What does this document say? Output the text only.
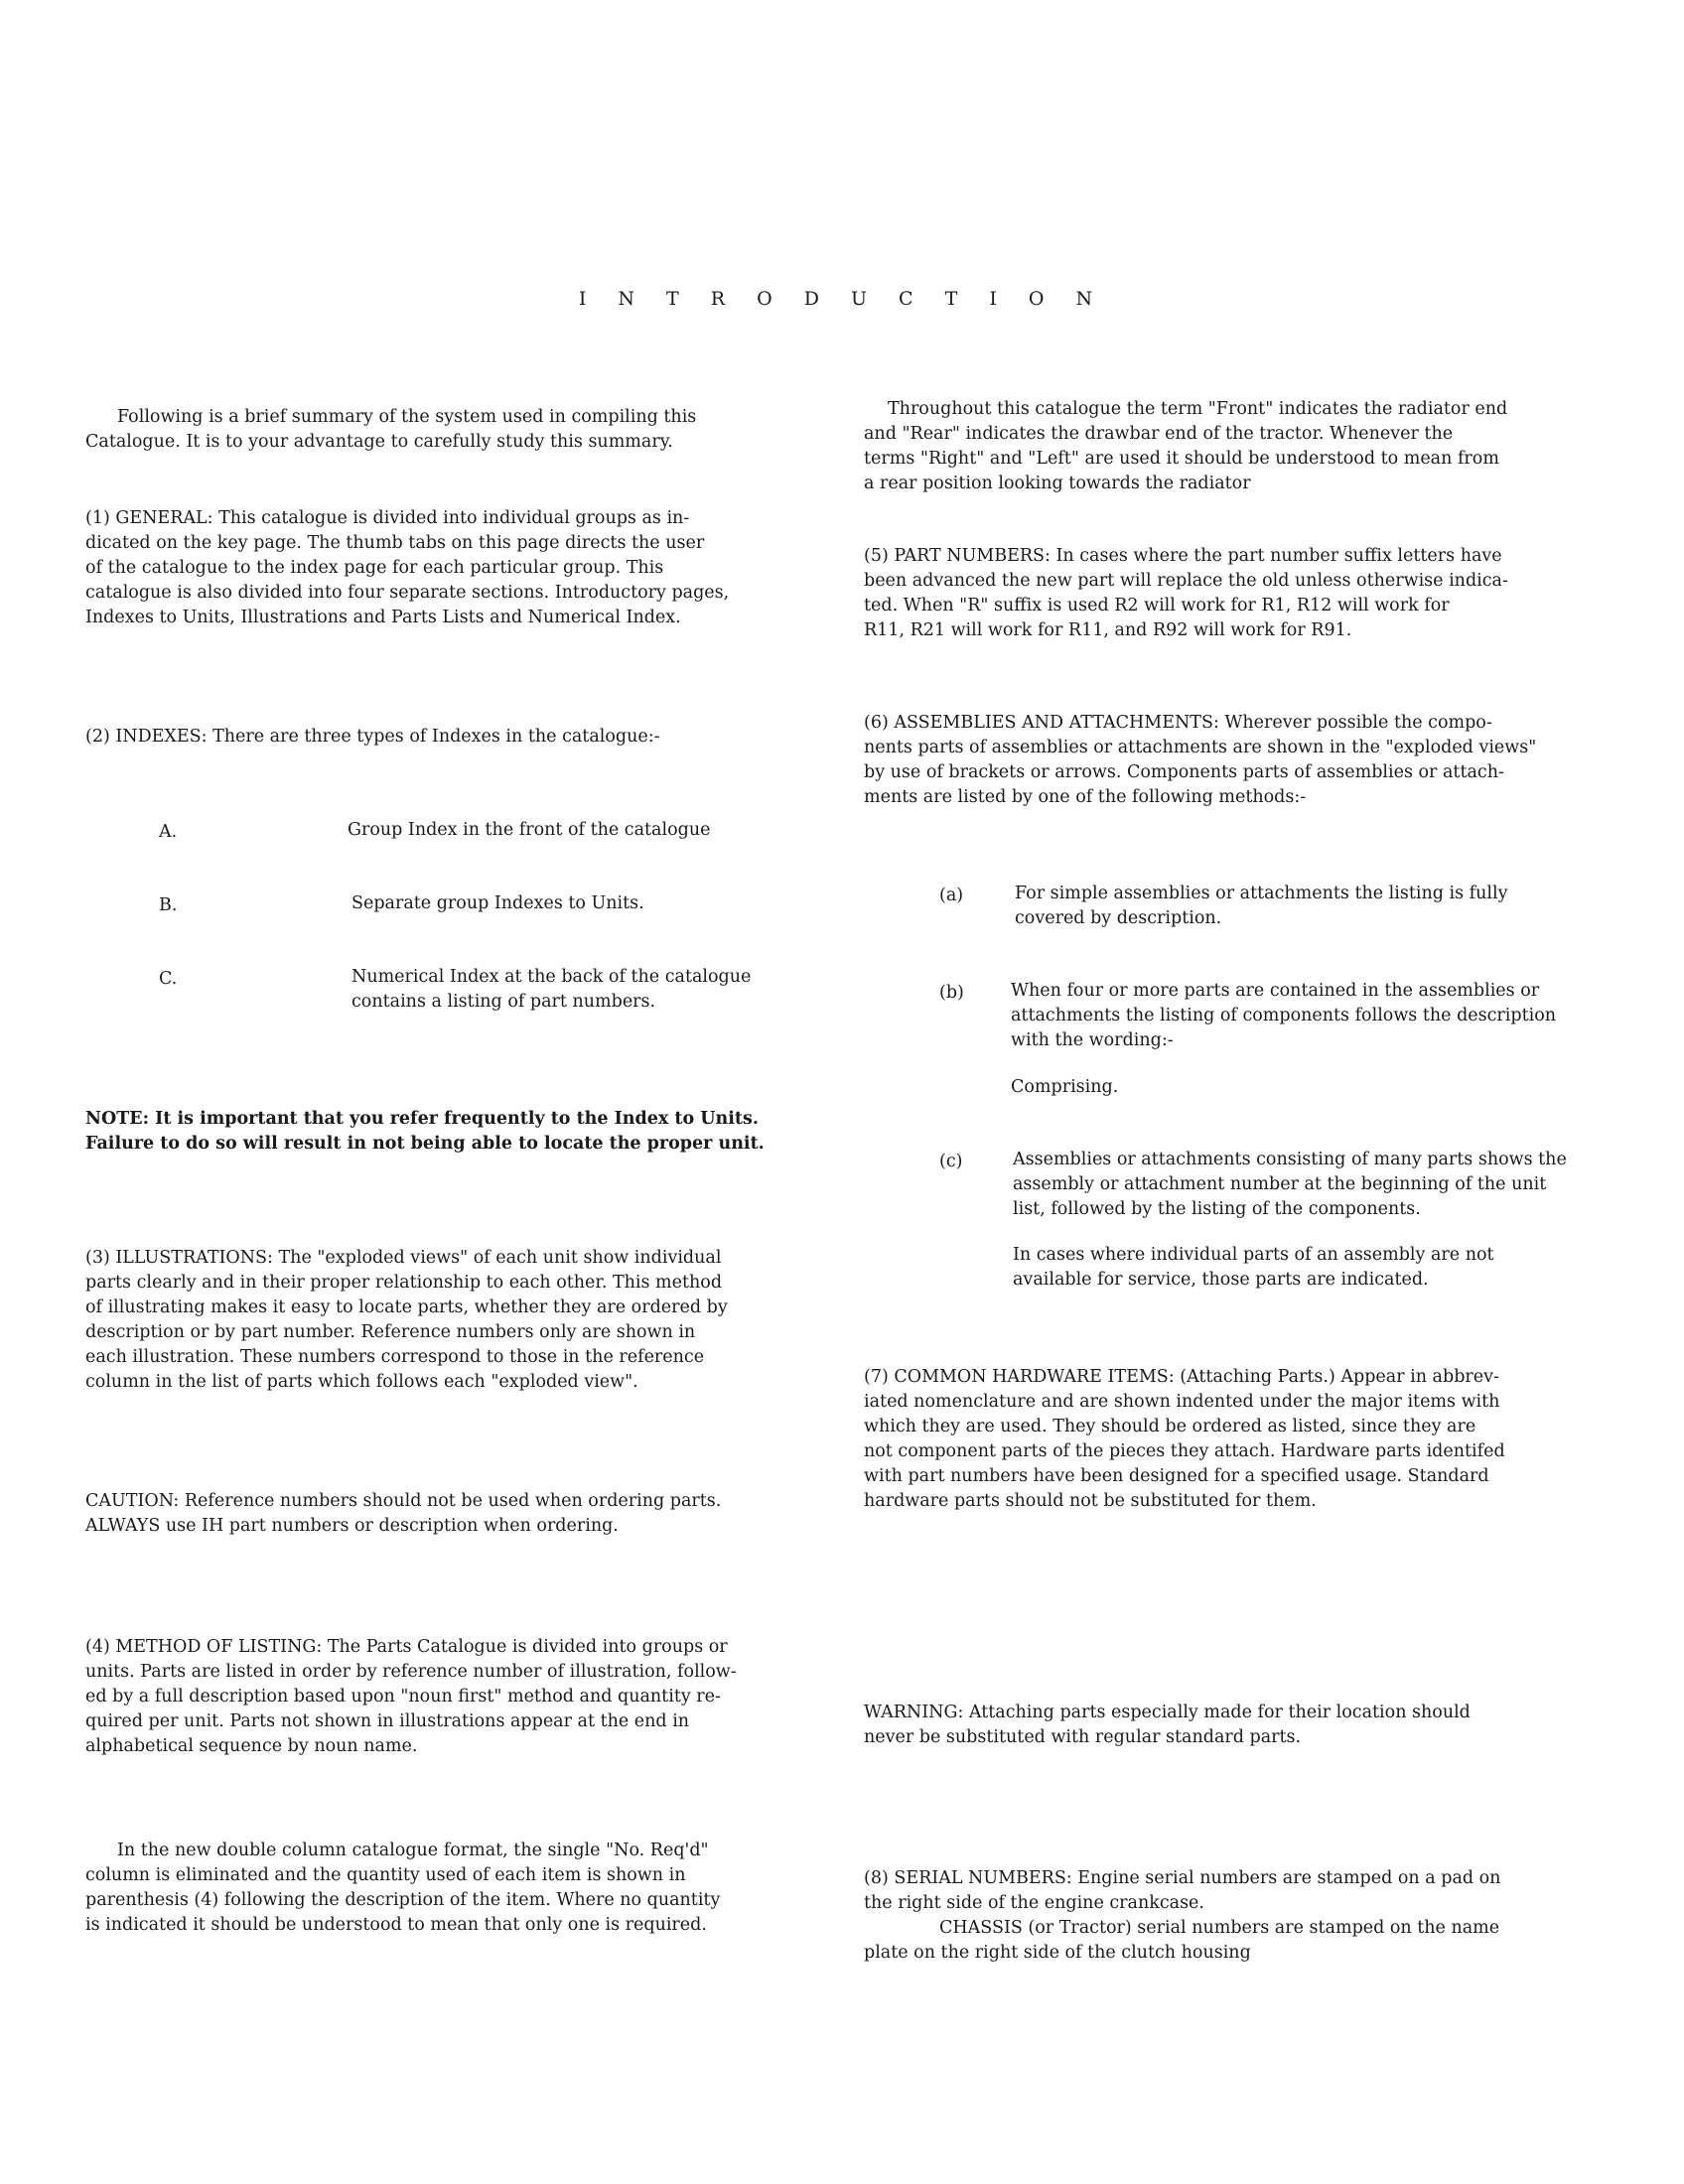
I N T R O D U C T I O N

Following is a brief summary of the system used in compiling this
Catalogue. It is to your advantage to carefully study this summary.

(1) GENERAL: This catalogue is divided into individual groups as in-
dicated on the key page. The thumb tabs on this page directs the user
of the catalogue to the index page for each particular group. This
catalogue is also divided into four separate sections. Introductory pages,
Indexes to Units, Illustrations and Parts Lists and Numerical Index.

(2) INDEXES: There are three types of Indexes in the catalogue:-

A.	Group Index in the front of the catalogue

B.	Separate group Indexes to Units.

C.	Numerical Index at the back of the catalogue
contains a listing of part numbers.

NOTE: It is important that you refer frequently to the Index to Units.
Failure to do so will result in not being able to locate the proper unit.

(3) ILLUSTRATIONS: The "exploded views" of each unit show individual
parts clearly and in their proper relationship to each other. This method
of illustrating makes it easy to locate parts, whether they are ordered by
description or by part number. Reference numbers only are shown in
each illustration. These numbers correspond to those in the reference
column in the list of parts which follows each "exploded view".

CAUTION: Reference numbers should not be used when ordering parts.
ALWAYS use IH part numbers or description when ordering.

(4) METHOD OF LISTING: The Parts Catalogue is divided into groups or
units. Parts are listed in order by reference number of illustration, follow-
ed by a full description based upon "noun first" method and quantity re-
quired per unit. Parts not shown in illustrations appear at the end in
alphabetical sequence by noun name.

In the new double column catalogue format, the single "No. Req'd"
column is eliminated and the quantity used of each item is shown in
parenthesis (4) following the description of the item. Where no quantity
is indicated it should be understood to mean that only one is required.

Throughout this catalogue the term "Front" indicates the radiator end
and "Rear" indicates the drawbar end of the tractor. Whenever the
terms "Right" and "Left" are used it should be understood to mean from
a rear position looking towards the radiator

(5) PART NUMBERS: In cases where the part number suffix letters have
been advanced the new part will replace the old unless otherwise indica-
ted. When "R" suffix is used R2 will work for R1, R12 will work for
R11, R21 will work for R11, and R92 will work for R91.

(6) ASSEMBLIES AND ATTACHMENTS: Wherever possible the compo-
nents parts of assemblies or attachments are shown in the "exploded views"
by use of brackets or arrows. Components parts of assemblies or attach-
ments are listed by one of the following methods:-

(a)	For simple assemblies or attachments the listing is fully
covered by description.

(b)	When four or more parts are contained in the assemblies or
attachments the listing of components follows the description
with the wording:-

Comprising.

(c)	Assemblies or attachments consisting of many parts shows the
assembly or attachment number at the beginning of the unit
list, followed by the listing of the components.

In cases where individual parts of an assembly are not
available for service, those parts are indicated.

(7) COMMON HARDWARE ITEMS: (Attaching Parts.) Appear in abbrev-
iated nomenclature and are shown indented under the major items with
which they are used. They should be ordered as listed, since they are
not component parts of the pieces they attach. Hardware parts identifed
with part numbers have been designed for a specified usage. Standard
hardware parts should not be substituted for them.

WARNING: Attaching parts especially made for their location should
never be substituted with regular standard parts.

(8) SERIAL NUMBERS: Engine serial numbers are stamped on a pad on
the right side of the engine crankcase.

CHASSIS (or Tractor) serial numbers are stamped on the name
plate on the right side of the clutch housing
